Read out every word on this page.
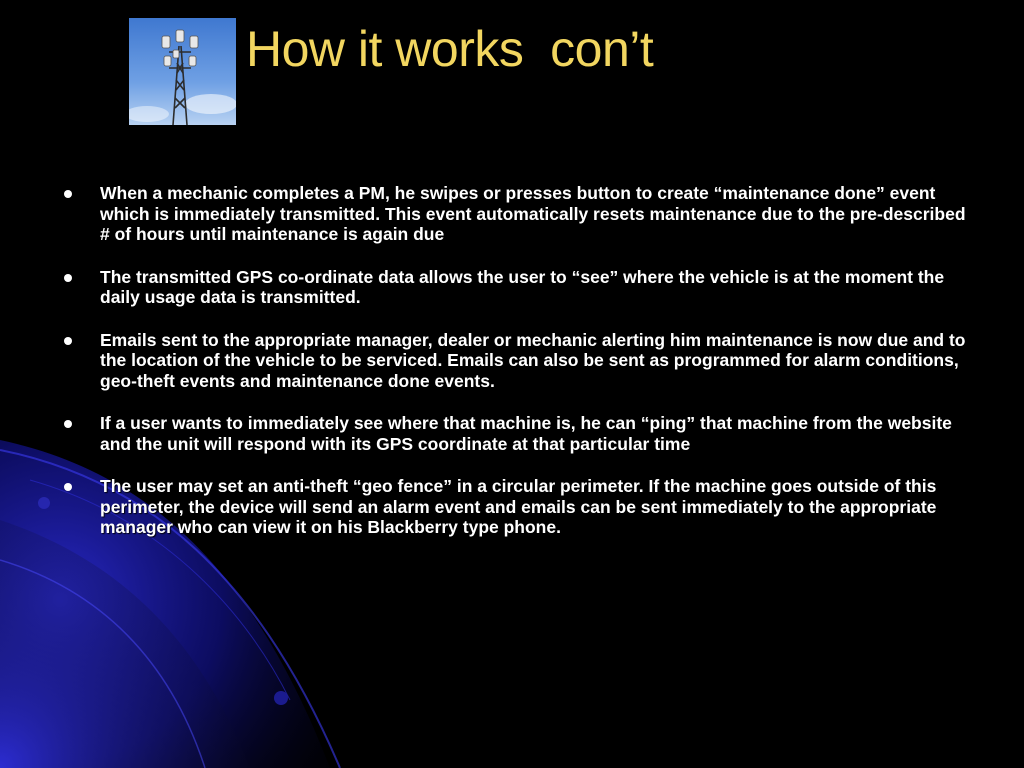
How it works  con’t
When a mechanic completes a PM, he swipes or presses button to create “maintenance done” event which is immediately transmitted. This event automatically resets maintenance due to the pre-described # of hours until maintenance is again due
The transmitted GPS co-ordinate data allows the user to “see” where the vehicle is at the moment the daily usage data is transmitted.
Emails sent to the appropriate manager, dealer or mechanic alerting him maintenance is now due and to the location of the vehicle to be serviced. Emails can also be sent as programmed for alarm conditions, geo-theft events and maintenance done events.
If a user wants to immediately see where that machine is, he can “ping” that machine from the website and the unit will respond with its GPS coordinate at that particular time
The user may set an anti-theft “geo fence” in a circular perimeter. If the machine goes outside of this perimeter, the device will send an alarm event and emails can be sent immediately to the appropriate manager who can view it on his Blackberry type phone.
